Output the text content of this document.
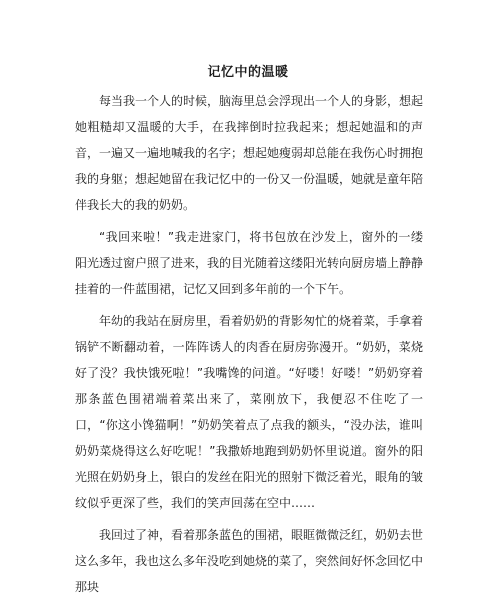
记忆中的温暖

每当我一个人的时候，脑海里总会浮现出一个人的身影，想起她粗糙却又温暖的大手，在我摔倒时拉我起来；想起她温和的声音，一遍又一遍地喊我的名字；想起她瘦弱却总能在我伤心时拥抱我的身躯；想起她留在我记忆中的一份又一份温暖，她就是童年陪伴我长大的我的奶奶。

“我回来啦！”我走进家门，将书包放在沙发上，窗外的一缕阳光透过窗户照了进来，我的目光随着这缕阳光转向厨房墙上静静挂着的一件蓝围裙，记忆又回到多年前的一个下午。

年幼的我站在厨房里，看着奶奶的背影匆忙的烧着菜，手拿着锅铲不断翻动着，一阵阵诱人的肉香在厨房弥漫开。“奶奶，菜烧好了没？我快饿死啦！”我嘴馋的问道。“好喽！好喽！”奶奶穿着那条蓝色围裙端着菜出来了，菜刚放下，我便忍不住吃了一口，“你这小馋猫啊！”奶奶笑着点了点我的额头，“没办法，谁叫奶奶菜烧得这么好吃呢！”我撒娇地跑到奶奶怀里说道。窗外的阳光照在奶奶身上，银白的发丝在阳光的照射下微泛着光，眼角的皱纹似乎更深了些，我们的笑声回荡在空中……

我回过了神，看着那条蓝色的围裙，眼眶微微泛红，奶奶去世这么多年，我也这么多年没吃到她烧的菜了，突然间好怀念回忆中那块
